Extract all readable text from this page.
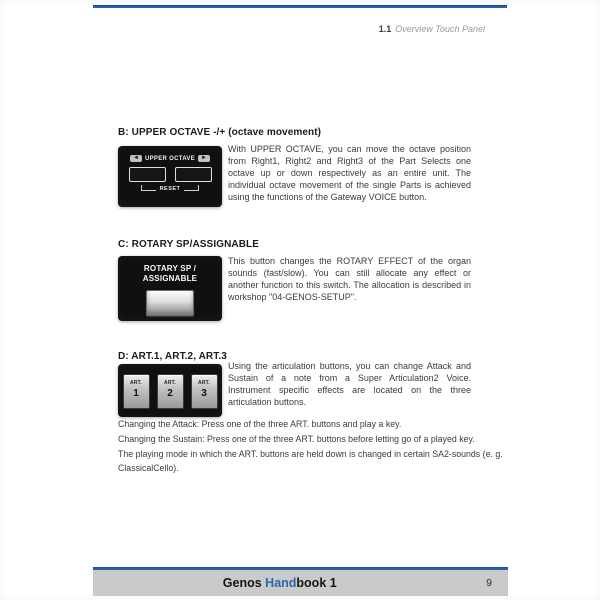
1.1 Overview Touch Panel
B: UPPER OCTAVE -/+ (octave movement)
◄	UPPER OCTAVE	►
RESET
With UPPER OCTAVE, you can move the octave position from Right1, Right2 and Right3 of the Part Selects one octave up or down respectively as an entire unit. The individual octave movement of the single Parts is achieved using the functions of the Gateway VOICE button.
C: ROTARY SP/ASSIGNABLE
ROTARY SP /
ASSIGNABLE
This button changes the ROTARY EFFECT of the organ sounds (fast/slow). You can still allocate any effect or another function to this switch. The allocation is described in workshop "04-GENOS-SETUP".
D: ART.1, ART.2, ART.3
ART.
1
ART.
2
ART.
3
Using the articulation buttons, you can change Attack and Sustain of a note from a Super Articulation2 Voice. Instrument specific effects are located on the three articulation buttons.

Changing the Attack: Press one of the three ART. buttons and play a key.

Changing the Sustain: Press one of the three ART. buttons before letting go of a played key.

The playing mode in which the ART. buttons are held down is changed in certain SA2-sounds (e. g. ClassicalCello).

Genos Handbook 1	9
